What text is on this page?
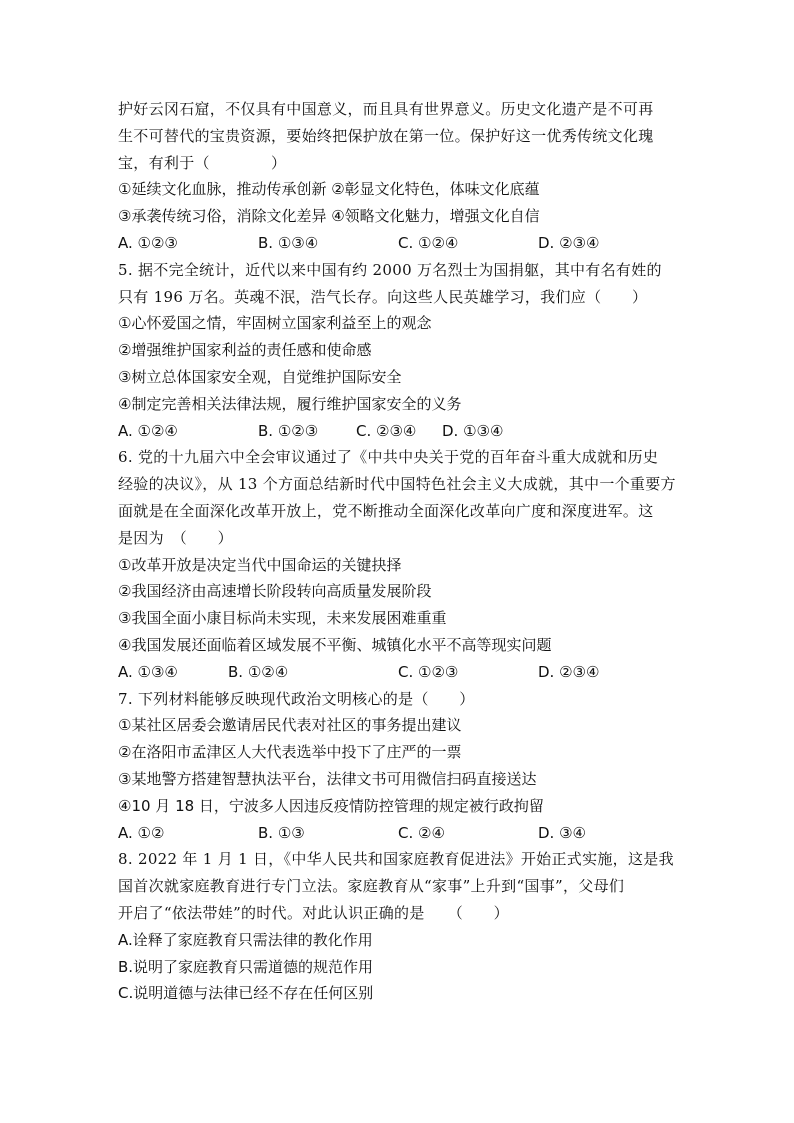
护好云冈石窟，不仅具有中国意义，而且具有世界意义。历史文化遗产是不可再
生不可替代的宝贵资源，要始终把保护放在第一位。保护好这一优秀传统文化瑰
宝，有利于（　　　　）
①延续文化血脉，推动传承创新 ②彰显文化特色，体味文化底蕴
③承袭传统习俗，消除文化差异 ④领略文化魅力，增强文化自信
A. ①②③	B. ①③④	C. ①②④	D. ②③④
5. 据不完全统计，近代以来中国有约 2000 万名烈士为国捐躯，其中有名有姓的
只有 196 万名。英魂不泯，浩气长存。向这些人民英雄学习，我们应（　　）
①心怀爱国之情，牢固树立国家利益至上的观念
②增强维护国家利益的责任感和使命感
③树立总体国家安全观，自觉维护国际安全
④制定完善相关法律法规，履行维护国家安全的义务
A. ①②④	B. ①②③	C. ②③④	D. ①③④
6. 党的十九届六中全会审议通过了《中共中央关于党的百年奋斗重大成就和历史
经验的决议》，从 13 个方面总结新时代中国特色社会主义大成就，其中一个重要方
面就是在全面深化改革开放上，党不断推动全面深化改革向广度和深度进军。这
是因为　（　　）
①改革开放是决定当代中国命运的关键抉择
②我国经济由高速增长阶段转向高质量发展阶段
③我国全面小康目标尚未实现，未来发展困难重重
④我国发展还面临着区域发展不平衡、城镇化水平不高等现实问题
A. ①③④	B. ①②④	C. ①②③	D. ②③④
7. 下列材料能够反映现代政治文明核心的是（　　）
①某社区居委会邀请居民代表对社区的事务提出建议
②在洛阳市孟津区人大代表选举中投下了庄严的一票
③某地警方搭建智慧执法平台，法律文书可用微信扫码直接送达
④10 月 18 日，宁波多人因违反疫情防控管理的规定被行政拘留
A. ①②	B. ①③	C. ②④	D. ③④
8. 2022 年 1 月 1 日，《中华人民共和国家庭教育促进法》开始正式实施，这是我
国首次就家庭教育进行专门立法。家庭教育从“家事”上升到“国事”，父母们
开启了“依法带娃”的时代。对此认识正确的是　　（　　）
A.诠释了家庭教育只需法律的教化作用
B.说明了家庭教育只需道德的规范作用
C.说明道德与法律已经不存在任何区别
